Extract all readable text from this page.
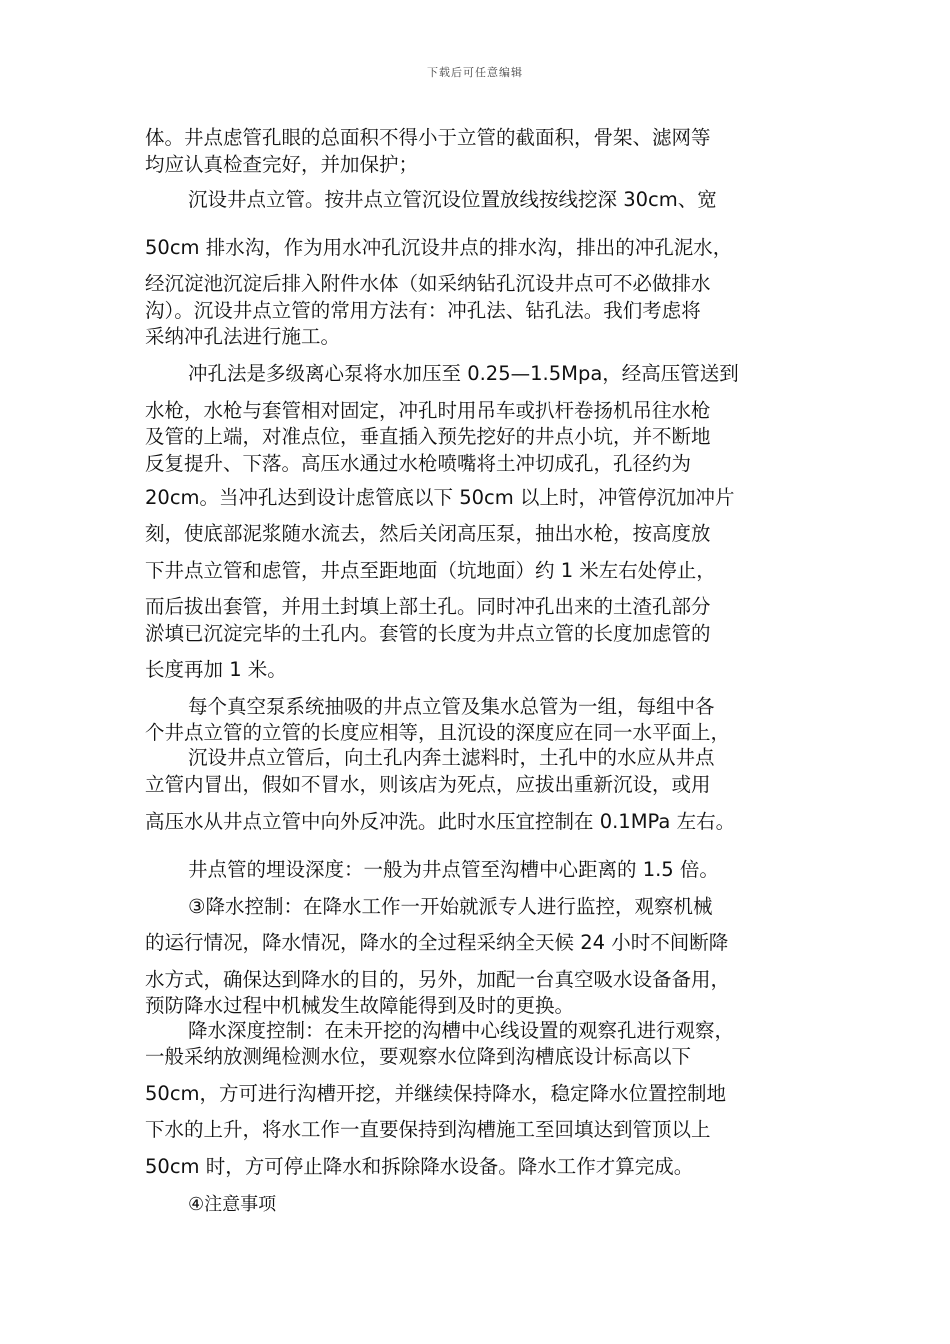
下载后可任意编辑
体。井点虑管孔眼的总面积不得小于立管的截面积，骨架、滤网等
均应认真检查完好，并加保护；
沉设井点立管。按井点立管沉设位置放线按线挖深 30cm、宽
50cm 排水沟，作为用水冲孔沉设井点的排水沟，排出的冲孔泥水，
经沉淀池沉淀后排入附件水体（如采纳钻孔沉设井点可不必做排水
沟）。沉设井点立管的常用方法有：冲孔法、钻孔法。我们考虑将
采纳冲孔法进行施工。
冲孔法是多级离心泵将水加压至 0.25—1.5Mpa，经高压管送到
水枪，水枪与套管相对固定，冲孔时用吊车或扒杆卷扬机吊往水枪
及管的上端，对准点位，垂直插入预先挖好的井点小坑，并不断地
反复提升、下落。高压水通过水枪喷嘴将土冲切成孔，孔径约为
20cm。当冲孔达到设计虑管底以下 50cm 以上时，冲管停沉加冲片
刻，使底部泥浆随水流去，然后关闭高压泵，抽出水枪，按高度放
下井点立管和虑管，井点至距地面（坑地面）约 1 米左右处停止，
而后拔出套管，并用土封填上部土孔。同时冲孔出来的土渣孔部分
淤填已沉淀完毕的土孔内。套管的长度为井点立管的长度加虑管的
长度再加 1 米。
每个真空泵系统抽吸的井点立管及集水总管为一组，每组中各
个井点立管的立管的长度应相等，且沉设的深度应在同一水平面上，
沉设井点立管后，向土孔内奔土滤料时，土孔中的水应从井点
立管内冒出，假如不冒水，则该店为死点，应拔出重新沉设，或用
高压水从井点立管中向外反冲洗。此时水压宜控制在 0.1MPa 左右。
井点管的埋设深度：一般为井点管至沟槽中心距离的 1.5 倍。
③降水控制：在降水工作一开始就派专人进行监控，观察机械
的运行情况，降水情况，降水的全过程采纳全天候 24 小时不间断降
水方式，确保达到降水的目的，另外，加配一台真空吸水设备备用，
预防降水过程中机械发生故障能得到及时的更换。
降水深度控制：在未开挖的沟槽中心线设置的观察孔进行观察，
一般采纳放测绳检测水位，要观察水位降到沟槽底设计标高以下
50cm，方可进行沟槽开挖，并继续保持降水，稳定降水位置控制地
下水的上升，将水工作一直要保持到沟槽施工至回填达到管顶以上
50cm 时，方可停止降水和拆除降水设备。降水工作才算完成。
④注意事项
